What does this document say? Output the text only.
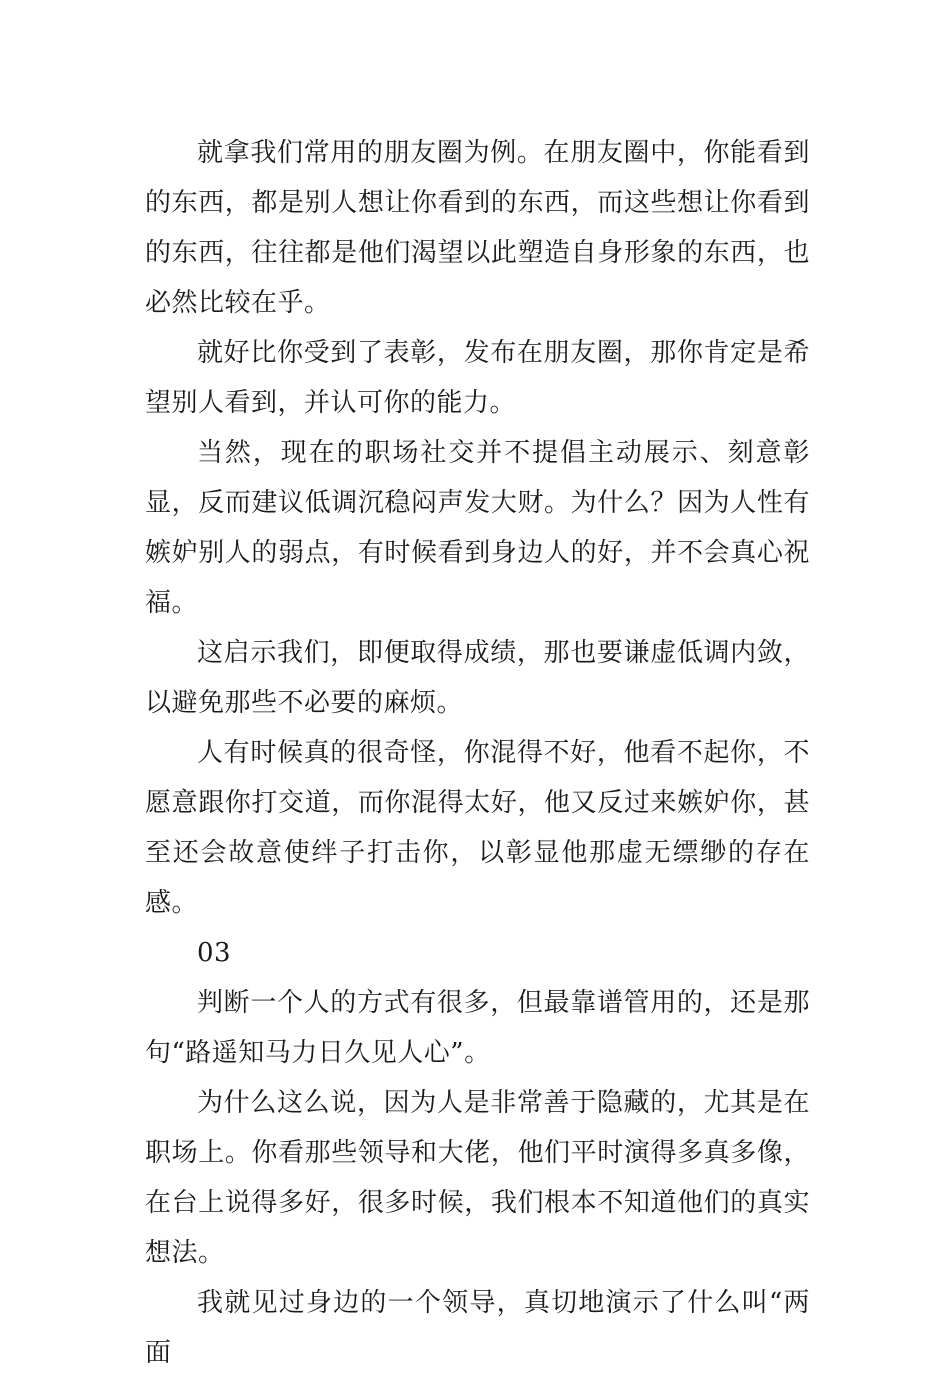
就拿我们常用的朋友圈为例。在朋友圈中，你能看到的东西，都是别人想让你看到的东西，而这些想让你看到的东西，往往都是他们渴望以此塑造自身形象的东西，也必然比较在乎。

就好比你受到了表彰，发布在朋友圈，那你肯定是希望别人看到，并认可你的能力。

当然，现在的职场社交并不提倡主动展示、刻意彰显，反而建议低调沉稳闷声发大财。为什么？因为人性有嫉妒别人的弱点，有时候看到身边人的好，并不会真心祝福。

这启示我们，即便取得成绩，那也要谦虚低调内敛，以避免那些不必要的麻烦。

人有时候真的很奇怪，你混得不好，他看不起你，不愿意跟你打交道，而你混得太好，他又反过来嫉妒你，甚至还会故意使绊子打击你，以彰显他那虚无缥缈的存在感。

03

判断一个人的方式有很多，但最靠谱管用的，还是那句“路遥知马力日久见人心”。

为什么这么说，因为人是非常善于隐藏的，尤其是在职场上。你看那些领导和大佬，他们平时演得多真多像，在台上说得多好，很多时候，我们根本不知道他们的真实想法。

我就见过身边的一个领导，真切地演示了什么叫“两面
